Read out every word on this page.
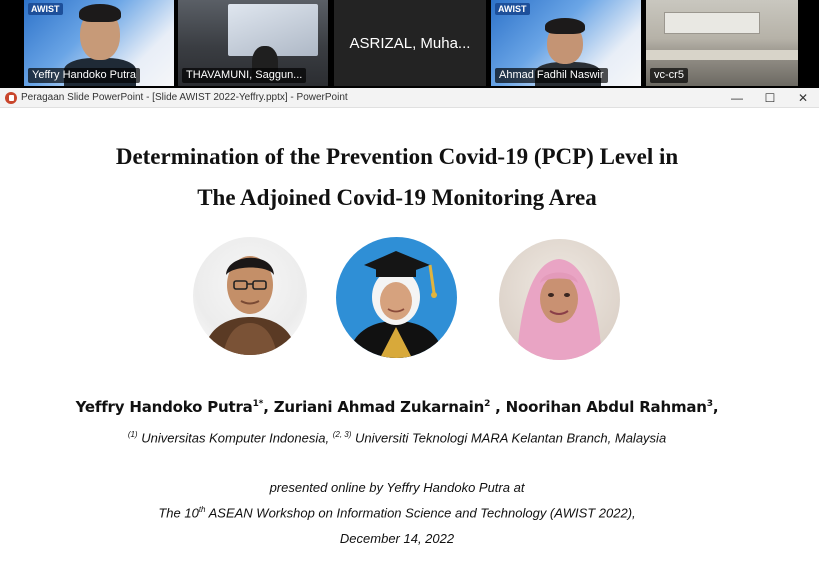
AWIST
Yeffry Handoko Putra	THAVAMUNI, Saggun...
ASRIZAL, Muha...
AWIST
Ahmad Fadhil Naswir	vc-cr5
Peragaan Slide PowerPoint - [Slide AWIST 2022-Yeffry.pptx] - PowerPoint	—	☐	✕
Determination of the Prevention Covid-19 (PCP) Level in
The Adjoined Covid-19 Monitoring Area
Yeffry Handoko Putra$^{1*}$, Zuriani Ahmad Zukarnain$^2$ , Noorihan Abdul Rahman$^3$,
$^{(1)}$ Universitas Komputer Indonesia, $^{(2, 3)}$ Universiti Teknologi MARA Kelantan Branch, Malaysia
presented online by Yeffry Handoko Putra at
The 10th ASEAN Workshop on Information Science and Technology (AWIST 2022),
December 14, 2022
